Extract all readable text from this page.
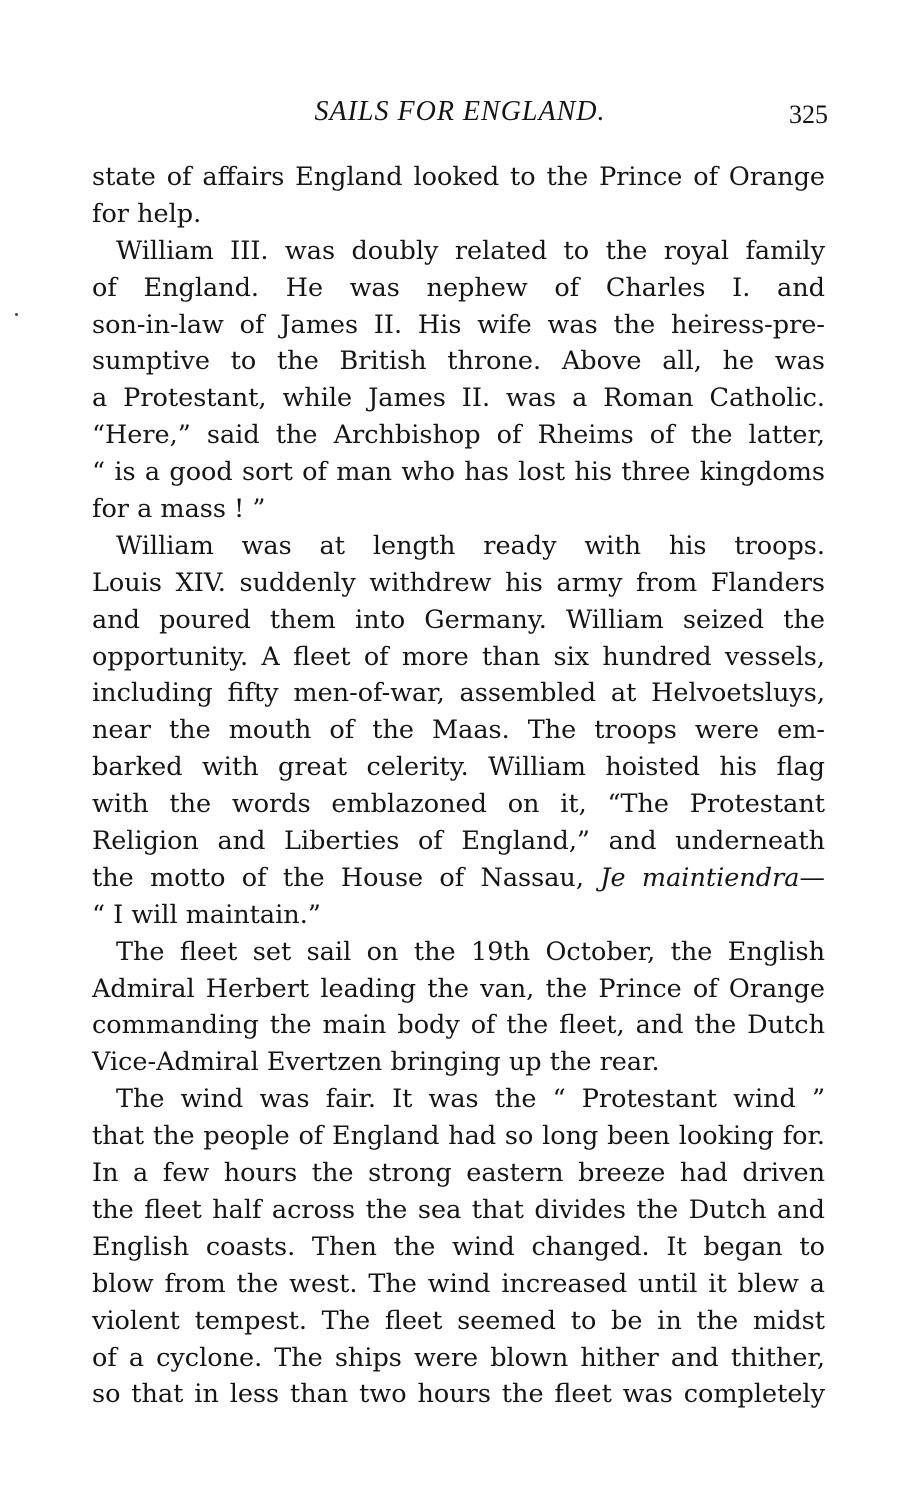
SAILS FOR ENGLAND.	325
state of affairs England looked to the Prince of Orange
for help.
William III. was doubly related to the royal family
of England. He was nephew of Charles I. and
son-in-law of James II. His wife was the heiress-pre-
sumptive to the British throne. Above all, he was
a Protestant, while James II. was a Roman Catholic.
“Here,” said the Archbishop of Rheims of the latter,
“ is a good sort of man who has lost his three kingdoms
for a mass ! ”
William was at length ready with his troops.
Louis XIV. suddenly withdrew his army from Flanders
and poured them into Germany. William seized the
opportunity. A fleet of more than six hundred vessels,
including fifty men-of-war, assembled at Helvoetsluys,
near the mouth of the Maas. The troops were em-
barked with great celerity. William hoisted his flag
with the words emblazoned on it, “The Protestant
Religion and Liberties of England,” and underneath
the motto of the House of Nassau, Je maintiendra—
“ I will maintain.”
The fleet set sail on the 19th October, the English
Admiral Herbert leading the van, the Prince of Orange
commanding the main body of the fleet, and the Dutch
Vice-Admiral Evertzen bringing up the rear.
The wind was fair. It was the “ Protestant wind ”
that the people of England had so long been looking for.
In a few hours the strong eastern breeze had driven
the fleet half across the sea that divides the Dutch and
English coasts. Then the wind changed. It began to
blow from the west. The wind increased until it blew a
violent tempest. The fleet seemed to be in the midst
of a cyclone. The ships were blown hither and thither,
so that in less than two hours the fleet was completely
